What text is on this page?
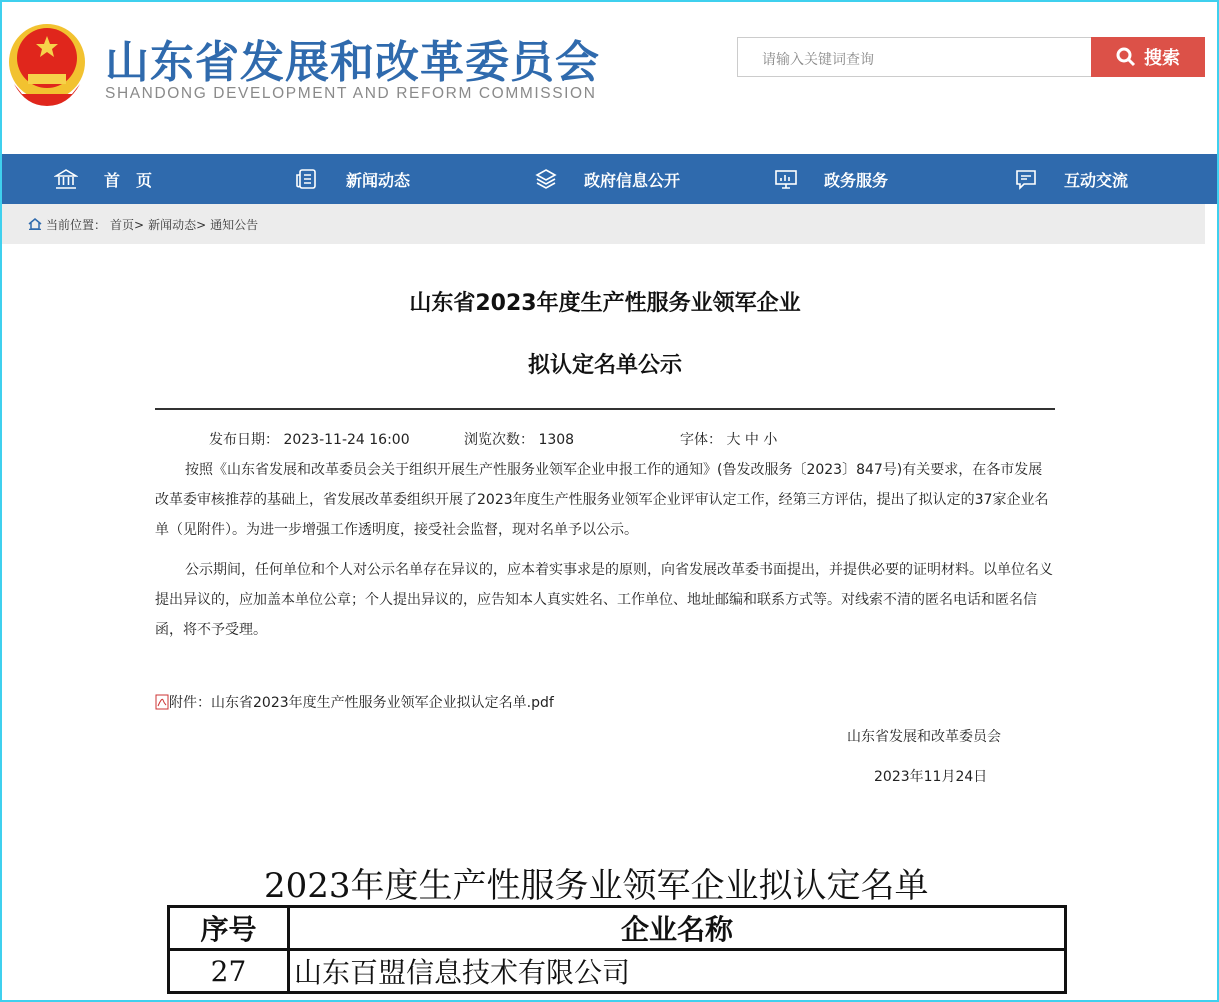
山东省发展和改革委员会
SHANDONG DEVELOPMENT AND REFORM COMMISSION
请输入关键词查询	搜索
首　页	新闻动态	政府信息公开	政务服务	互动交流
当前位置： 首页> 新闻动态> 通知公告
山东省2023年度生产性服务业领军企业
拟认定名单公示
发布日期： 2023-11-24 16:00	浏览次数： 1308	字体： 大 中 小
按照《山东省发展和改革委员会关于组织开展生产性服务业领军企业申报工作的通知》(鲁发改服务〔2023〕847号)有关要求，在各市发展改革委审核推荐的基础上，省发展改革委组织开展了2023年度生产性服务业领军企业评审认定工作，经第三方评估，提出了拟认定的37家企业名单（见附件）。为进一步增强工作透明度，接受社会监督，现对名单予以公示。
公示期间，任何单位和个人对公示名单存在异议的，应本着实事求是的原则，向省发展改革委书面提出，并提供必要的证明材料。以单位名义提出异议的，应加盖本单位公章；个人提出异议的，应告知本人真实姓名、工作单位、地址邮编和联系方式等。对线索不清的匿名电话和匿名信函，将不予受理。
附件：山东省2023年度生产性服务业领军企业拟认定名单.pdf
山东省发展和改革委员会
2023年11月24日
2023年度生产性服务业领军企业拟认定名单
序号	企业名称
27	山东百盟信息技术有限公司
